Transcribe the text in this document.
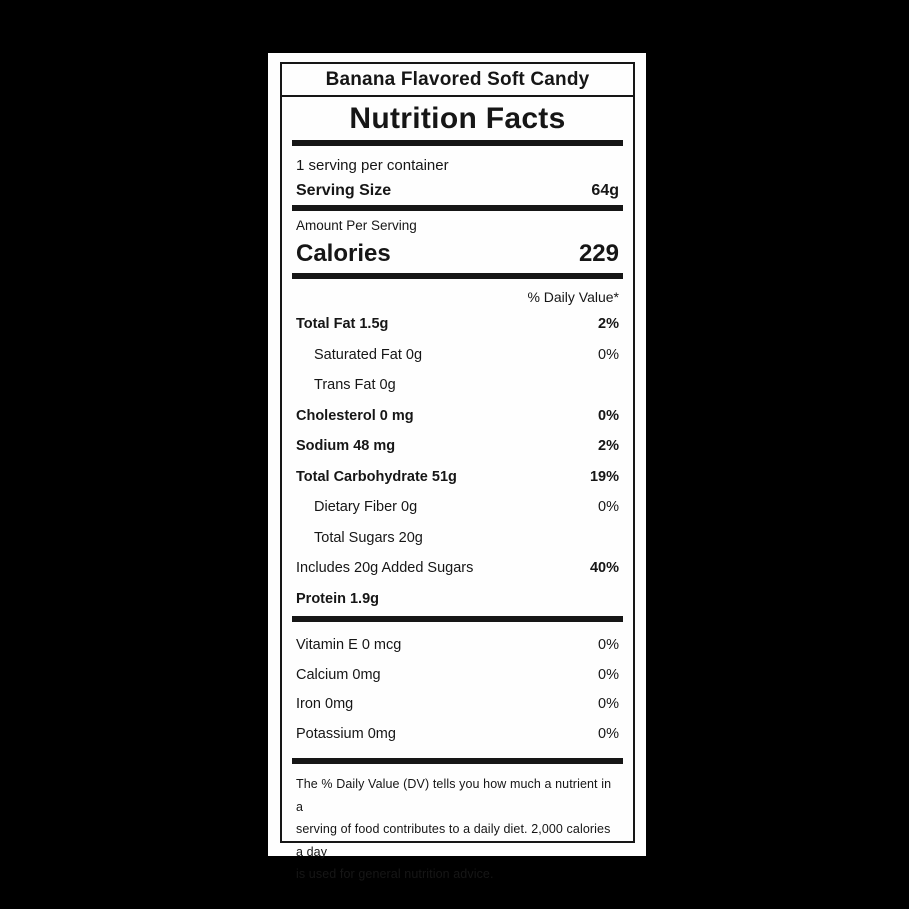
Banana Flavored Soft Candy
Nutrition Facts
1 serving per container
Serving Size	64g
Amount Per Serving
Calories	229
% Daily Value*
Total Fat 1.5g	2%
Saturated Fat 0g	0%
Trans Fat 0g
Cholesterol 0 mg	0%
Sodium 48 mg	2%
Total Carbohydrate 51g	19%
Dietary Fiber 0g	0%
Total Sugars 20g
Includes 20g Added Sugars	40%
Protein 1.9g
Vitamin E 0 mcg	0%
Calcium 0mg	0%
Iron 0mg	0%
Potassium 0mg	0%
The % Daily Value (DV) tells you how much a nutrient in a
serving of food contributes to a daily diet. 2,000 calories a day
is used for general nutrition advice.
